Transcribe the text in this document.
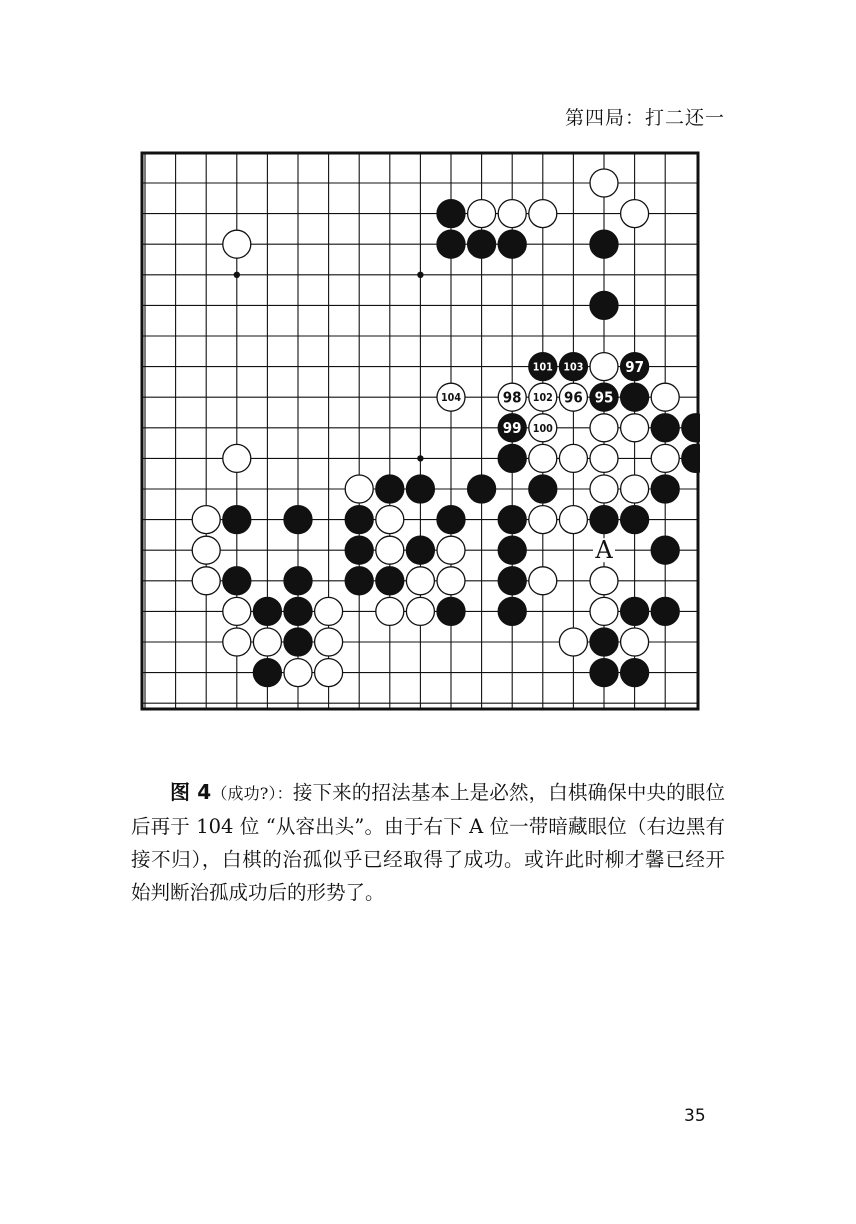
第四局：打二还一
A
101 103	97
104	98 102 96 95
99 100

图 4（成功?）：接下来的招法基本上是必然，白棋确保中央的眼位后再于 104 位 “从容出头”。由于右下 A 位一带暗藏眼位（右边黑有接不归），白棋的治孤似乎已经取得了成功。或许此时柳才馨已经开始判断治孤成功后的形势了。

35
